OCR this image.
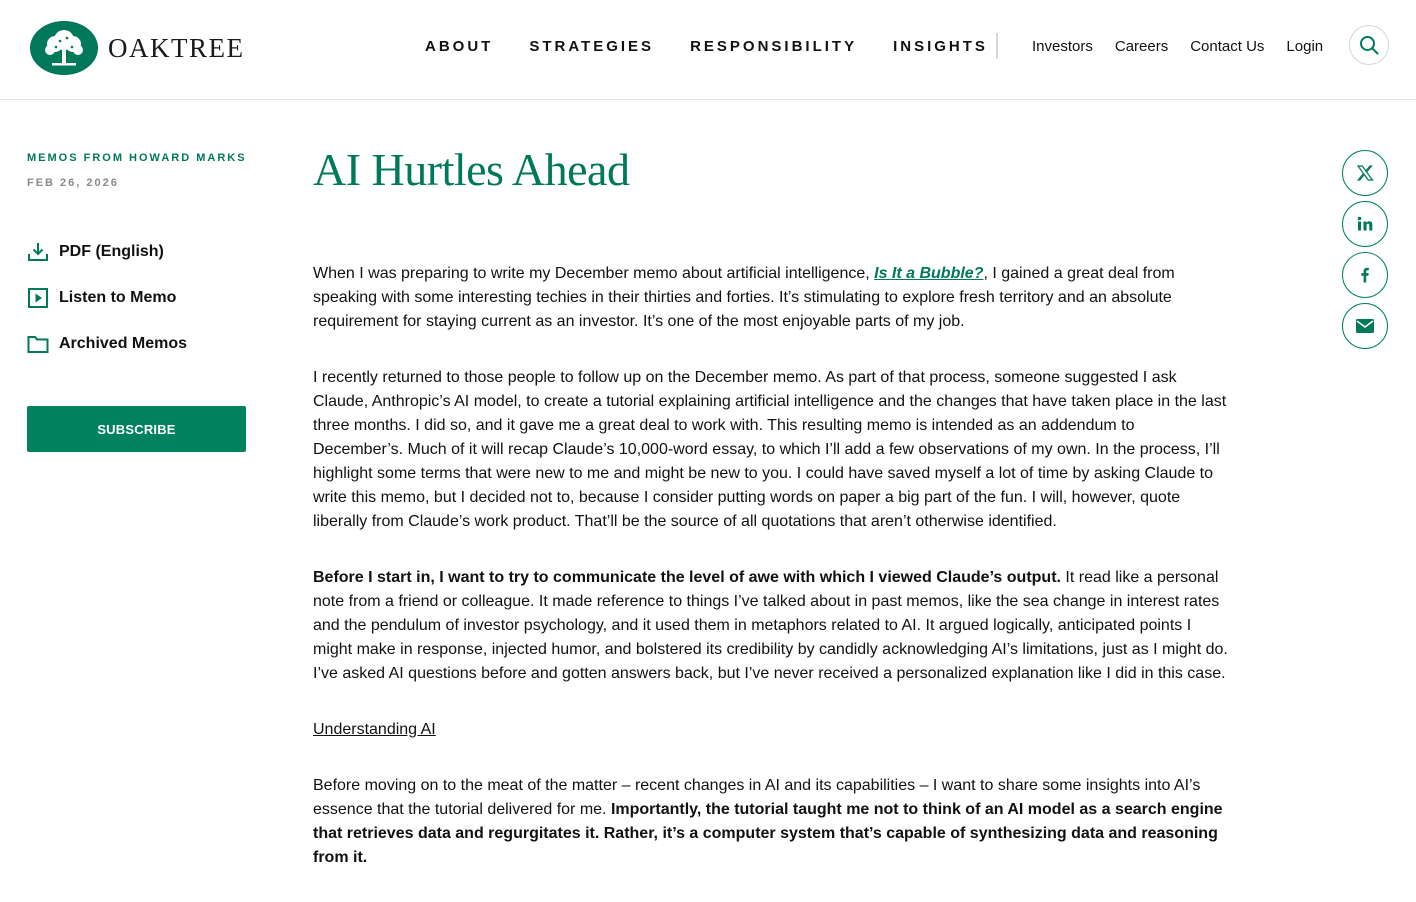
OAKTREE	ABOUT STRATEGIES RESPONSIBILITY INSIGHTS	Investors Careers Contact Us Login

MEMOS FROM HOWARD MARKS

FEB 26, 2026
PDF (English)
Listen to Memo
Archived Memos
SUBSCRIBE
AI Hurtles Ahead

When I was preparing to write my December memo about artificial intelligence, Is It a Bubble?, I gained a great deal from speaking with some interesting techies in their thirties and forties. It’s stimulating to explore fresh territory and an absolute requirement for staying current as an investor. It’s one of the most enjoyable parts of my job.

I recently returned to those people to follow up on the December memo. As part of that process, someone suggested I ask Claude, Anthropic’s AI model, to create a tutorial explaining artificial intelligence and the changes that have taken place in the last three months. I did so, and it gave me a great deal to work with. This resulting memo is intended as an addendum to December’s. Much of it will recap Claude’s 10,000-word essay, to which I’ll add a few observations of my own. In the process, I’ll highlight some terms that were new to me and might be new to you. I could have saved myself a lot of time by asking Claude to write this memo, but I decided not to, because I consider putting words on paper a big part of the fun. I will, however, quote liberally from Claude’s work product. That’ll be the source of all quotations that aren’t otherwise identified.

Before I start in, I want to try to communicate the level of awe with which I viewed Claude’s output. It read like a personal note from a friend or colleague. It made reference to things I’ve talked about in past memos, like the sea change in interest rates and the pendulum of investor psychology, and it used them in metaphors related to AI. It argued logically, anticipated points I might make in response, injected humor, and bolstered its credibility by candidly acknowledging AI’s limitations, just as I might do. I’ve asked AI questions before and gotten answers back, but I’ve never received a personalized explanation like I did in this case.

Understanding AI

Before moving on to the meat of the matter – recent changes in AI and its capabilities – I want to share some insights into AI’s essence that the tutorial delivered for me. Importantly, the tutorial taught me not to think of an AI model as a search engine that retrieves data and regurgitates it. Rather, it’s a computer system that’s capable of synthesizing data and reasoning from it.
